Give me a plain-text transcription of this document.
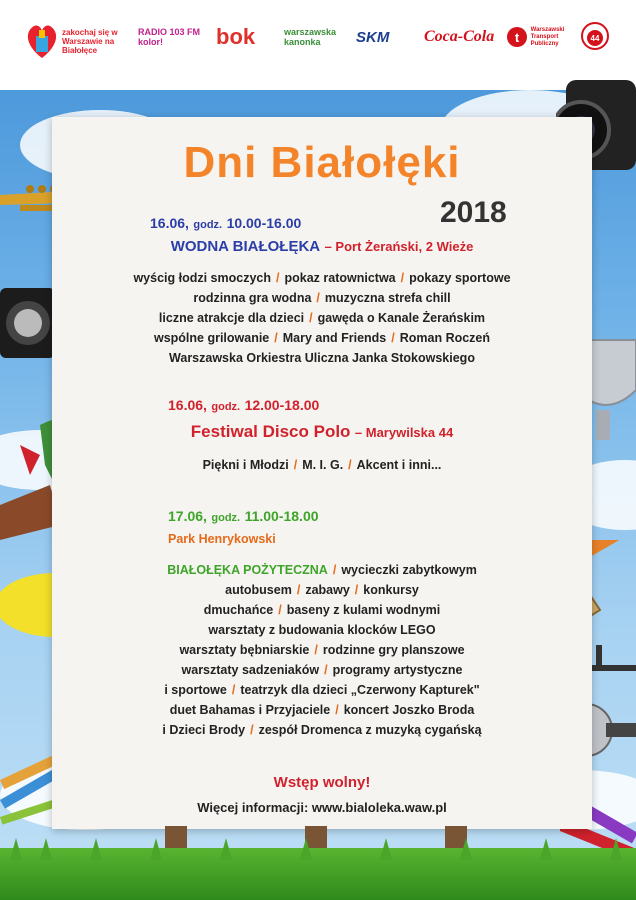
zakochaj się w Warszawie na Białołęce
RADIO 103 FM kolor!	bok	warszawska kanonka	SKM Coca-Cola t
Warszawski Transport Publiczny
44
Dni Białołęki
2018
16.06, godz. 10.00-16.00
WODNA BIAŁOŁĘKA – Port Żerański, 2 Wieże
wyścig łodzi smoczych / pokaz ratownictwa / pokazy sportowe
rodzinna gra wodna / muzyczna strefa chill
liczne atrakcje dla dzieci / gawęda o Kanale Żerańskim
wspólne grilowanie / Mary and Friends / Roman Roczeń
Warszawska Orkiestra Uliczna Janka Stokowskiego
16.06, godz. 12.00-18.00
Festiwal Disco Polo – Marywilska 44
Piękni i Młodzi / M. I. G. / Akcent i inni...
17.06, godz. 11.00-18.00
Park Henrykowski
BIAŁOŁĘKA POŻYTECZNA / wycieczki zabytkowym
autobusem / zabawy / konkursy
dmuchańce / baseny z kulami wodnymi
warsztaty z budowania klocków LEGO
warsztaty bębniarskie / rodzinne gry planszowe
warsztaty sadzeniaków / programy artystyczne
i sportowe / teatrzyk dla dzieci „Czerwony Kapturek"
duet Bahamas i Przyjaciele / koncert Joszko Broda
i Dzieci Brody / zespół Dromenca z muzyką cygańską
Wstęp wolny!
Więcej informacji: www.bialoleka.waw.pl
